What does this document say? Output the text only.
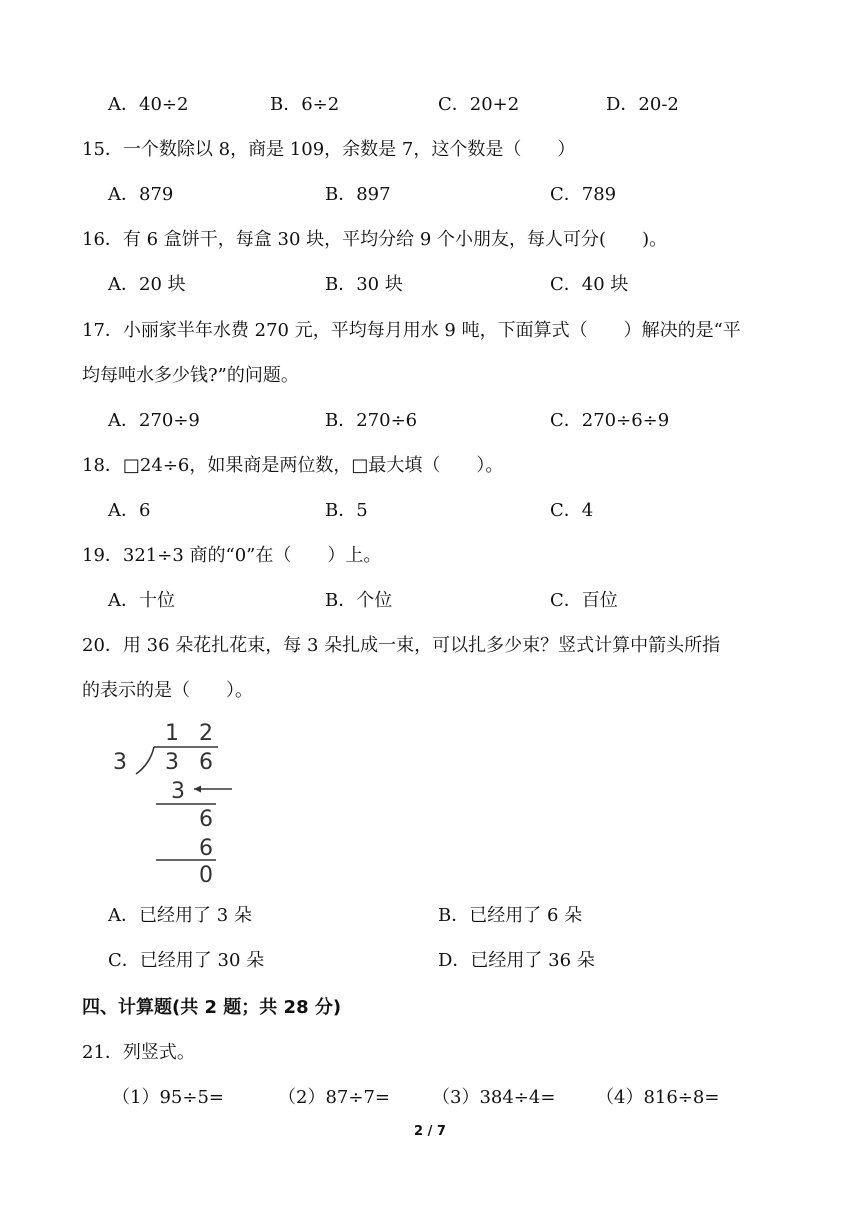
A．40÷2	B．6÷2	C．20+2	D．20-2
15．一个数除以 8，商是 109，余数是 7，这个数是（　　）
A．879	B．897	C．789
16．有 6 盒饼干，每盒 30 块，平均分给 9 个小朋友，每人可分(　　)。
A．20 块	B．30 块	C．40 块
17．小丽家半年水费 270 元，平均每月用水 9 吨，下面算式（　　）解决的是“平
均每吨水多少钱?”的问题。
A．270÷9	B．270÷6	C．270÷6÷9
18．□24÷6，如果商是两位数，□最大填（　　）。
A．6	B．5	C．4
19．321÷3 商的“0”在（　　）上。
A．十位	B．个位	C．百位
20．用 36 朵花扎花束，每 3 朵扎成一束，可以扎多少束？竖式计算中箭头所指
的表示的是（　　）。
1 2
3 3 6
3
6
6
0
A．已经用了 3 朵	B．已经用了 6 朵
C．已经用了 30 朵	D．已经用了 36 朵
四、计算题(共 2 题；共 28 分)
21．列竖式。
（1）95÷5=	（2）87÷7= （3）384÷4= （4）816÷8=
2 / 7
